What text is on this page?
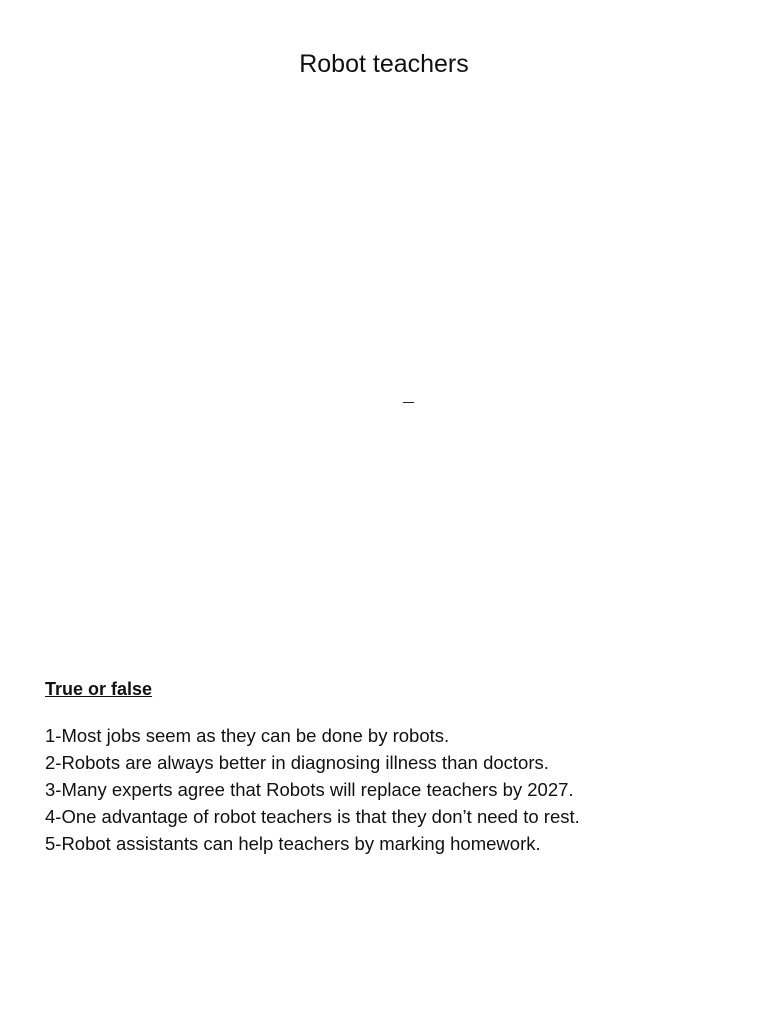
Robot teachers
True or false
1-Most jobs seem as they can be done by robots.
2-Robots are always better in diagnosing illness than doctors.
3-Many experts agree that Robots will replace teachers by 2027.
4-One advantage of robot teachers is that they don’t need to rest.
5-Robot assistants can help teachers by marking homework.
